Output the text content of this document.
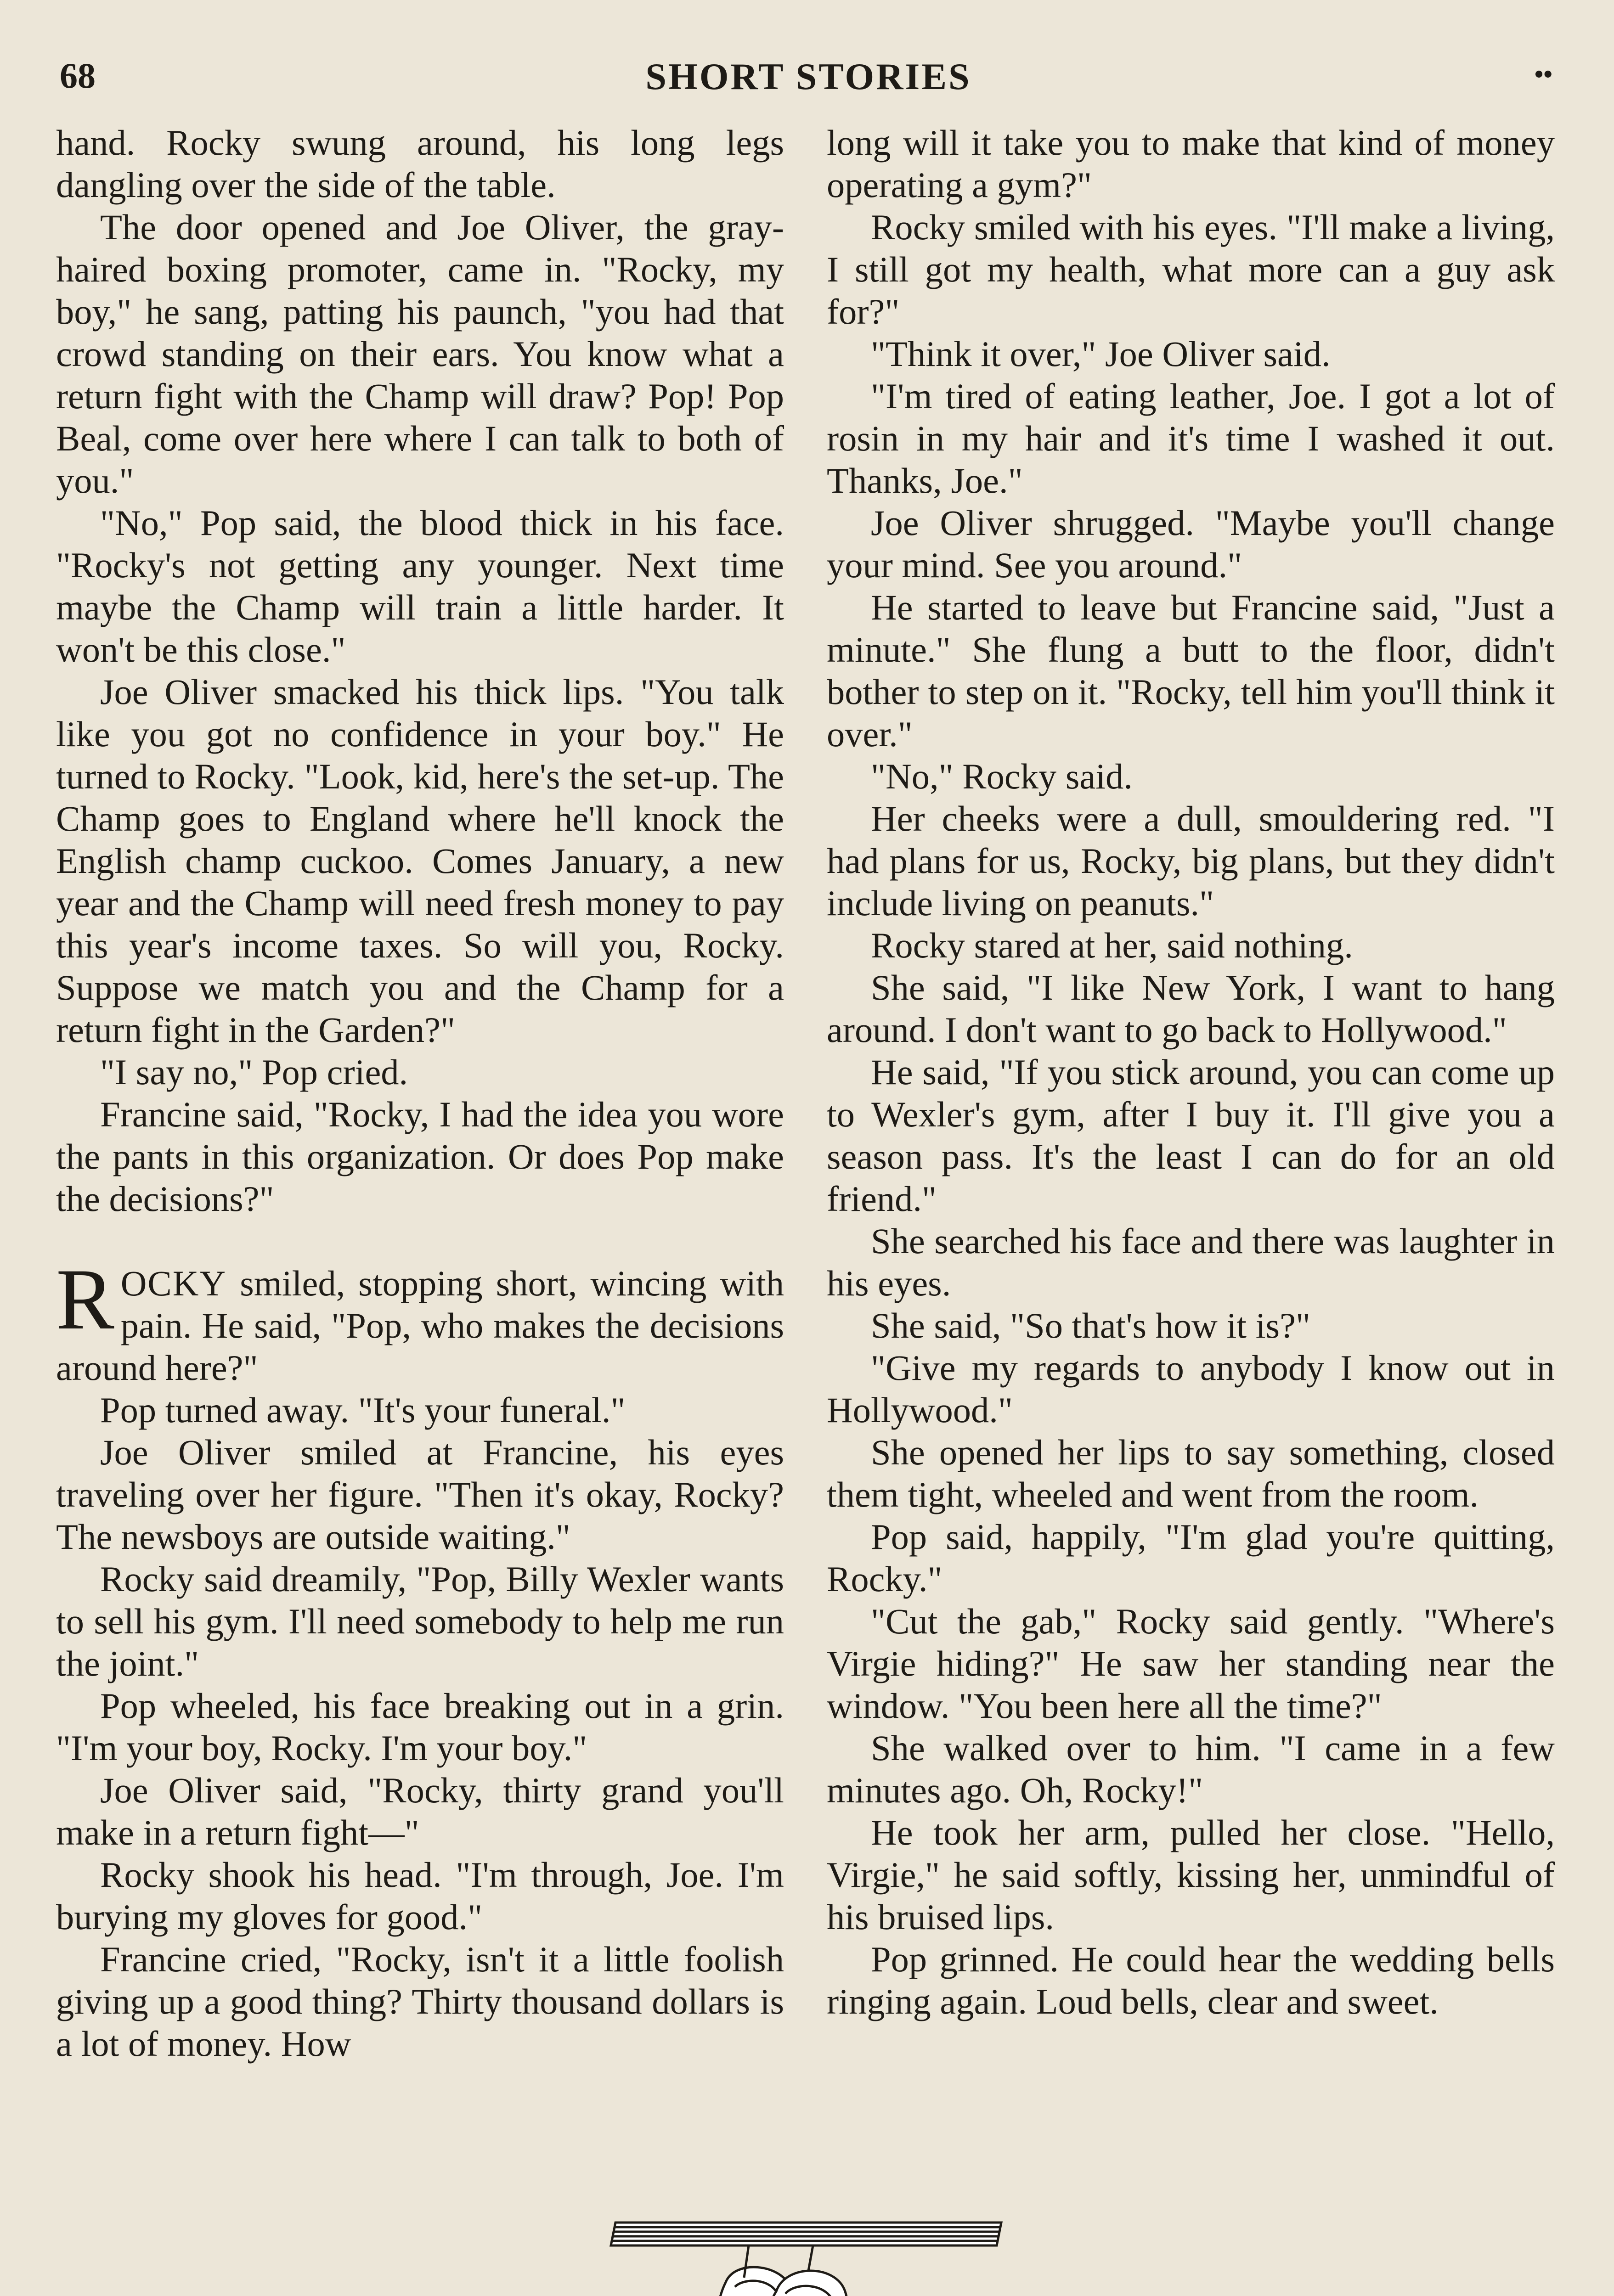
68	SHORT STORIES	••

hand. Rocky swung around, his long legs dangling over the side of the table.

The door opened and Joe Oliver, the gray-haired boxing promoter, came in. "Rocky, my boy," he sang, patting his paunch, "you had that crowd standing on their ears. You know what a return fight with the Champ will draw? Pop! Pop Beal, come over here where I can talk to both of you."

"No," Pop said, the blood thick in his face. "Rocky's not getting any younger. Next time maybe the Champ will train a little harder. It won't be this close."

Joe Oliver smacked his thick lips. "You talk like you got no confidence in your boy." He turned to Rocky. "Look, kid, here's the set-up. The Champ goes to England where he'll knock the English champ cuckoo. Comes January, a new year and the Champ will need fresh money to pay this year's income taxes. So will you, Rocky. Suppose we match you and the Champ for a return fight in the Garden?"

"I say no," Pop cried.

Francine said, "Rocky, I had the idea you wore the pants in this organization. Or does Pop make the decisions?"

ROCKY smiled, stopping short, wincing with pain. He said, "Pop, who makes the decisions around here?"

Pop turned away. "It's your funeral."

Joe Oliver smiled at Francine, his eyes traveling over her figure. "Then it's okay, Rocky? The newsboys are outside waiting."

Rocky said dreamily, "Pop, Billy Wexler wants to sell his gym. I'll need somebody to help me run the joint."

Pop wheeled, his face breaking out in a grin. "I'm your boy, Rocky. I'm your boy."

Joe Oliver said, "Rocky, thirty grand you'll make in a return fight—"

Rocky shook his head. "I'm through, Joe. I'm burying my gloves for good."

Francine cried, "Rocky, isn't it a little foolish giving up a good thing? Thirty thousand dollars is a lot of money. How

long will it take you to make that kind of money operating a gym?"

Rocky smiled with his eyes. "I'll make a living, I still got my health, what more can a guy ask for?"

"Think it over," Joe Oliver said.

"I'm tired of eating leather, Joe. I got a lot of rosin in my hair and it's time I washed it out. Thanks, Joe."

Joe Oliver shrugged. "Maybe you'll change your mind. See you around."

He started to leave but Francine said, "Just a minute." She flung a butt to the floor, didn't bother to step on it. "Rocky, tell him you'll think it over."

"No," Rocky said.

Her cheeks were a dull, smouldering red. "I had plans for us, Rocky, big plans, but they didn't include living on peanuts."

Rocky stared at her, said nothing.

She said, "I like New York, I want to hang around. I don't want to go back to Hollywood."

He said, "If you stick around, you can come up to Wexler's gym, after I buy it. I'll give you a season pass. It's the least I can do for an old friend."

She searched his face and there was laughter in his eyes.

She said, "So that's how it is?"

"Give my regards to anybody I know out in Hollywood."

She opened her lips to say something, closed them tight, wheeled and went from the room.

Pop said, happily, "I'm glad you're quitting, Rocky."

"Cut the gab," Rocky said gently. "Where's Virgie hiding?" He saw her standing near the window. "You been here all the time?"

She walked over to him. "I came in a few minutes ago. Oh, Rocky!"

He took her arm, pulled her close. "Hello, Virgie," he said softly, kissing her, unmindful of his bruised lips.

Pop grinned. He could hear the wedding bells ringing again. Loud bells, clear and sweet.
